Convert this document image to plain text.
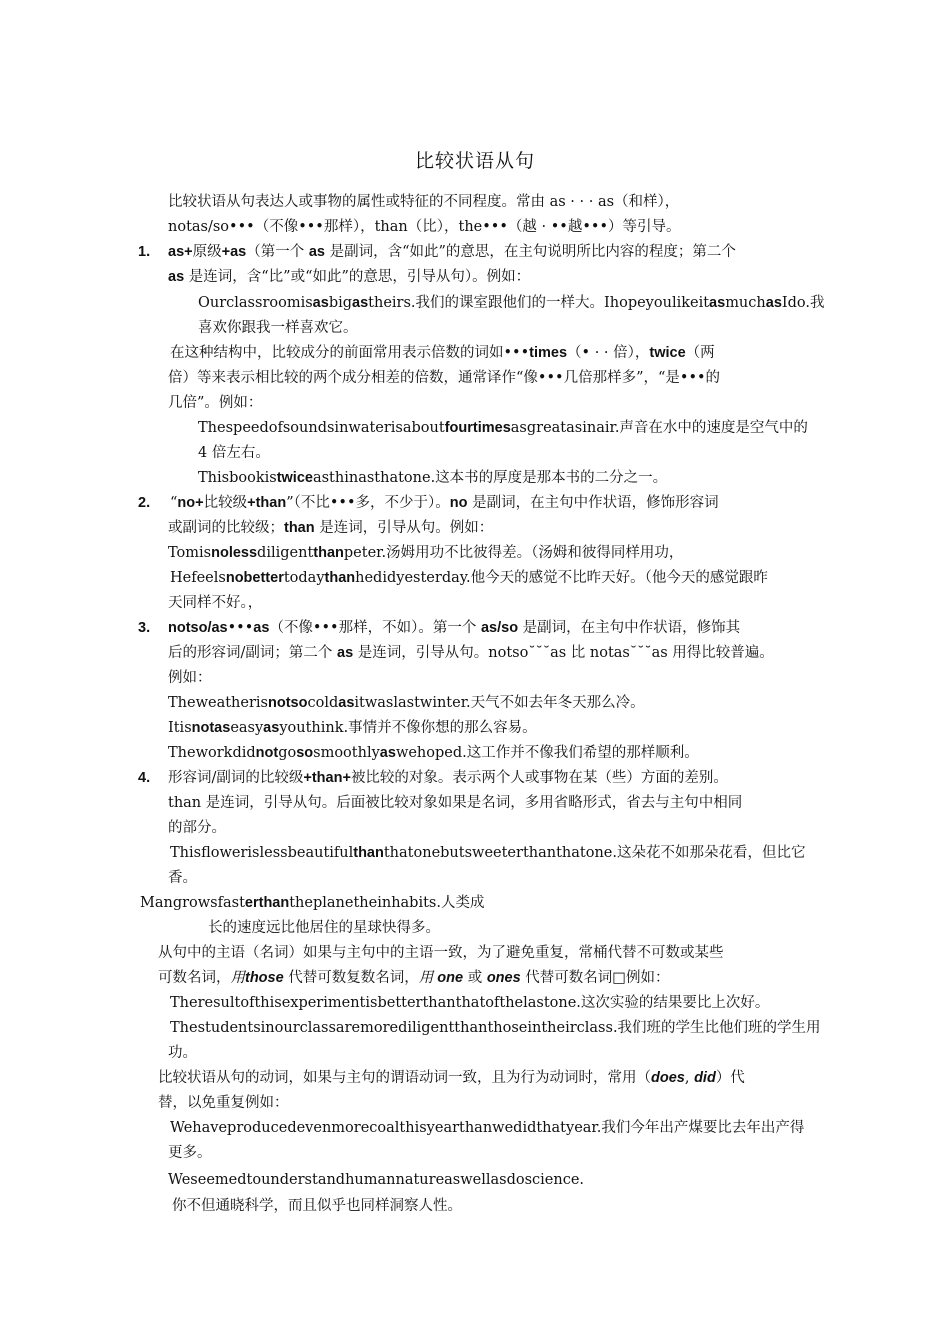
比较状语从句
比较状语从句表达人或事物的属性或特征的不同程度。常由 as · · · as（和样），
notas/so•••（不像•••那样），than（比），the•••（越 · ••越•••）等引导。
1. as+原级+as（第一个 as 是副词，含“如此”的意思，在主句说明所比内容的程度；第二个
as 是连词，含“比”或“如此”的意思，引导从句）。例如：
Ourclassroomisasbigastheirs.我们的课室跟他们的一样大。IhopeyoulikeitasmuchasIdo.我
喜欢你跟我一样喜欢它。
在这种结构中，比较成分的前面常用表示倍数的词如•••times（• · · 倍），twice（两
倍）等来表示相比较的两个成分相差的倍数，通常译作“像•••几倍那样多”，“是•••的
几倍”。例如：
Thespeedofsoundsinwaterisaboutfourtimesasgreatasinair.声音在水中的速度是空气中的
4 倍左右。
Thisbookistwiceasthinasthatone.这本书的厚度是那本书的二分之一。
2. “no+比较级+than”（不比•••多，不少于）。no 是副词，在主句中作状语，修饰形容词
或副词的比较级；than 是连词，引导从句。例如：
Tomisnolessdiligentthanpeter.汤姆用功不比彼得差。（汤姆和彼得同样用功，
Hefeelsnobettertodaythanhedidyesterday.他今天的感觉不比昨天好。（他今天的感觉跟昨
天同样不好。，
3. notso/as•••as（不像•••那样，不如）。第一个 as/so 是副词，在主句中作状语，修饰其
后的形容词/副词；第二个 as 是连词，引导从句。notso˘˘˘as 比 notas˘˘˘as 用得比较普遍。
例如：
Theweatherisnotsocoldasitwaslastwinter.天气不如去年冬天那么冷。
Itisnotaseasyasyouthink.事情并不像你想的那么容易。
Theworkdidnotgososmoothlyaswehoped.这工作并不像我们希望的那样顺利。
4. 形容词/副词的比较级+than+被比较的对象。表示两个人或事物在某（些）方面的差别。
than 是连词，引导从句。后面被比较对象如果是名词，多用省略形式，省去与主句中相同
的部分。
Thisflowerislessbeautifulthanthatonebutsweeterthanthatone.这朵花不如那朵花看，但比它
香。
Mangrowsfasterthantheplanetheinhabits.人类成
长的速度远比他居住的星球快得多。
从句中的主语（名词）如果与主句中的主语一致，为了避免重复，常桶代替不可数或某些
可数名词，用those 代替可数复数名词，用 one 或 ones 代替可数名词□例如：
Theresultofthisexperimentisbetterthanthatofthelastone.这次实验的结果要比上次好。
Thestudentsinourclassaremorediligentthanthoseintheirclass.我们班的学生比他们班的学生用
功。
比较状语从句的动词，如果与主句的谓语动词一致，且为行为动词时，常用（does, did）代
替，以免重复例如：
Wehaveproducedevenmorecoalthisyearthanwedidthatyear.我们今年出产煤要比去年出产得
更多。
Weseemedtounderstandhumannatureaswellasdoscience.
你不但通晓科学，而且似乎也同样洞察人性。
